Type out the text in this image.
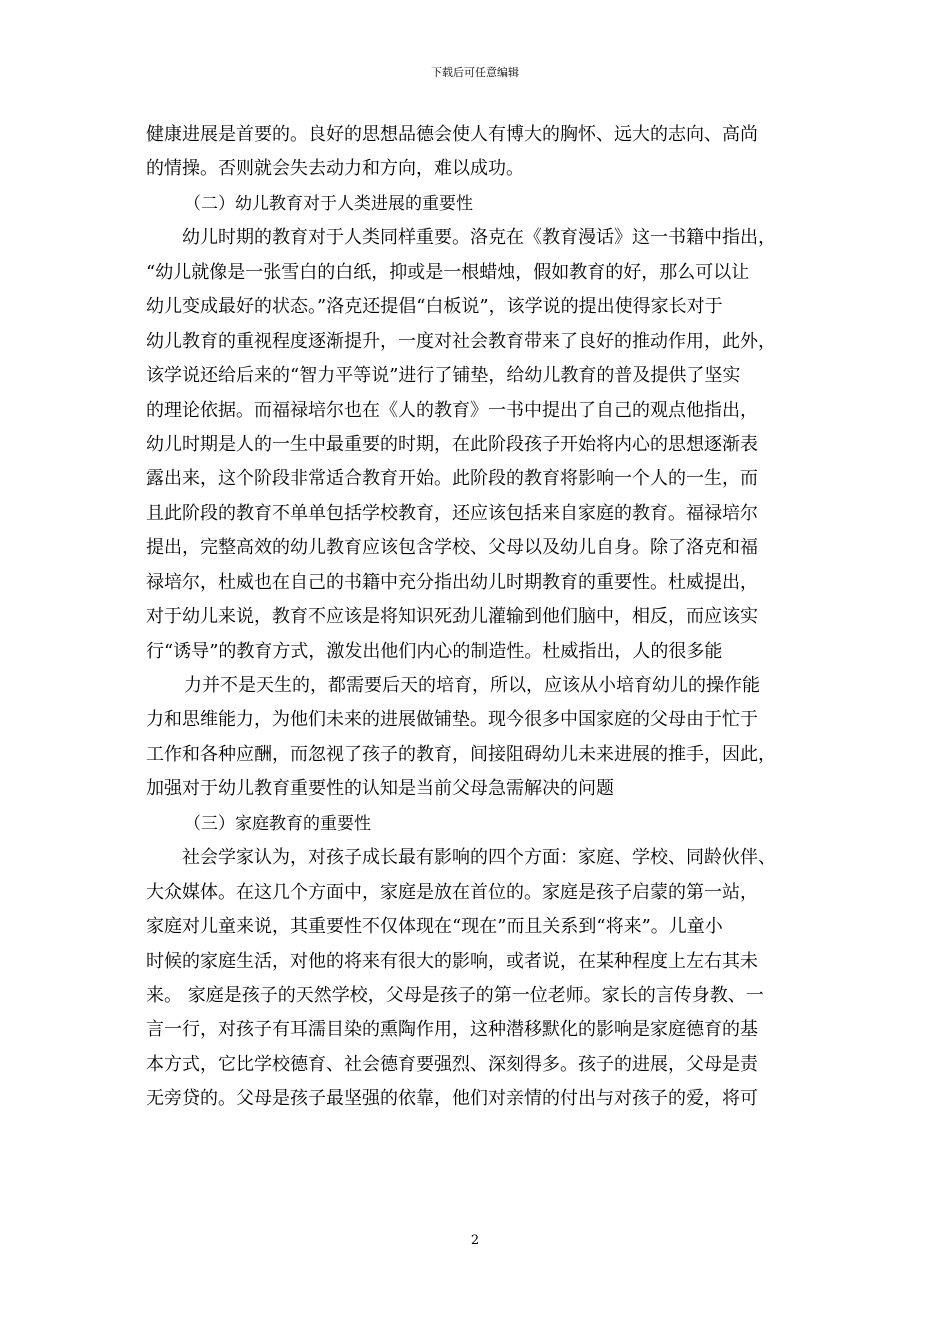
下载后可任意编辑
健康进展是首要的。良好的思想品德会使人有博大的胸怀、远大的志向、高尚
的情操。否则就会失去动力和方向，难以成功。
（二）幼儿教育对于人类进展的重要性
幼儿时期的教育对于人类同样重要。洛克在《教育漫话》这一书籍中指出，
“幼儿就像是一张雪白的白纸，抑或是一根蜡烛，假如教育的好，那么可以让
幼儿变成最好的状态。”洛克还提倡“白板说”，该学说的提出使得家长对于
幼儿教育的重视程度逐渐提升，一度对社会教育带来了良好的推动作用，此外，
该学说还给后来的“智力平等说”进行了铺垫，给幼儿教育的普及提供了坚实
的理论依据。而福禄培尔也在《人的教育》一书中提出了自己的观点他指出，
幼儿时期是人的一生中最重要的时期，在此阶段孩子开始将内心的思想逐渐表
露出来，这个阶段非常适合教育开始。此阶段的教育将影响一个人的一生，而
且此阶段的教育不单单包括学校教育，还应该包括来自家庭的教育。福禄培尔
提出，完整高效的幼儿教育应该包含学校、父母以及幼儿自身。除了洛克和福
禄培尔，杜威也在自己的书籍中充分指出幼儿时期教育的重要性。杜威提出，
对于幼儿来说，教育不应该是将知识死劲儿灌输到他们脑中，相反，而应该实
行“诱导”的教育方式，激发出他们内心的制造性。杜威指出，人的很多能
力并不是天生的，都需要后天的培育，所以，应该从小培育幼儿的操作能
力和思维能力，为他们未来的进展做铺垫。现今很多中国家庭的父母由于忙于
工作和各种应酬，而忽视了孩子的教育，间接阻碍幼儿未来进展的推手，因此，
加强对于幼儿教育重要性的认知是当前父母急需解决的问题
（三）家庭教育的重要性
社会学家认为，对孩子成长最有影响的四个方面：家庭、学校、同龄伙伴、
大众媒体。在这几个方面中，家庭是放在首位的。家庭是孩子启蒙的第一站，
家庭对儿童来说，其重要性不仅体现在“现在”而且关系到“将来”。儿童小
时候的家庭生活，对他的将来有很大的影响，或者说，在某种程度上左右其未
来。 家庭是孩子的天然学校，父母是孩子的第一位老师。家长的言传身教、一
言一行，对孩子有耳濡目染的熏陶作用，这种潜移默化的影响是家庭德育的基
本方式，它比学校德育、社会德育要强烈、深刻得多。孩子的进展，父母是责
无旁贷的。父母是孩子最坚强的依靠，他们对亲情的付出与对孩子的爱，将可
2
